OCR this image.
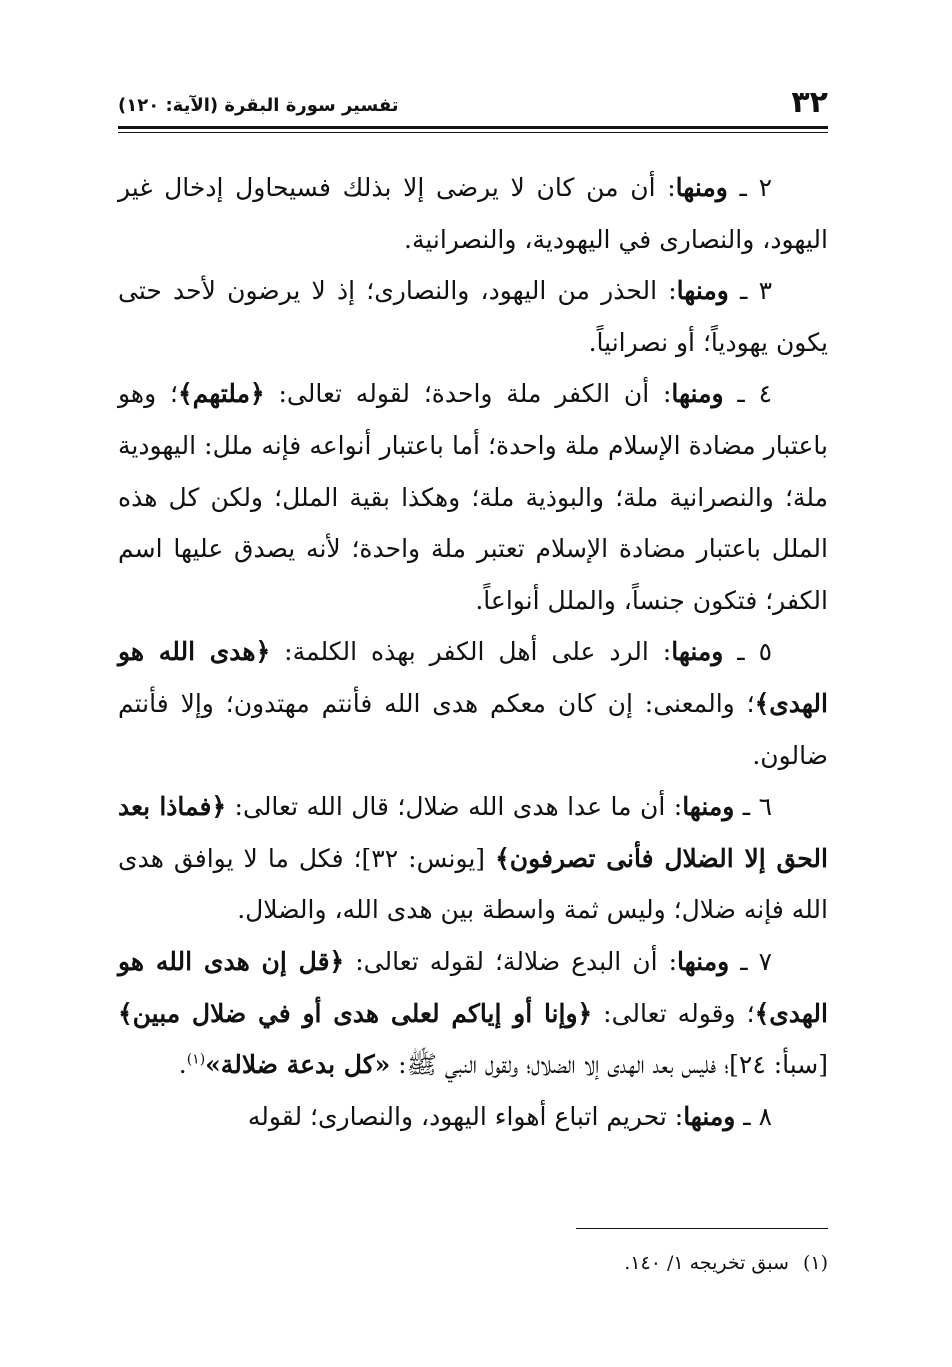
٣٢
تفسير سورة البقرة (الآية: ١٢٠)

٢ ـ ومنها: أن من كان لا يرضى إلا بذلك فسيحاول إدخال غير اليهود، والنصارى في اليهودية، والنصرانية.

٣ ـ ومنها: الحذر من اليهود، والنصارى؛ إذ لا يرضون لأحد حتى يكون يهودياً؛ أو نصرانياً.

٤ ـ ومنها: أن الكفر ملة واحدة؛ لقوله تعالى: ﴿ملتهم﴾؛ وهو باعتبار مضادة الإسلام ملة واحدة؛ أما باعتبار أنواعه فإنه ملل: اليهودية ملة؛ والنصرانية ملة؛ والبوذية ملة؛ وهكذا بقية الملل؛ ولكن كل هذه الملل باعتبار مضادة الإسلام تعتبر ملة واحدة؛ لأنه يصدق عليها اسم الكفر؛ فتكون جنساً، والملل أنواعاً.

٥ ـ ومنها: الرد على أهل الكفر بهذه الكلمة: ﴿هدى الله هو الهدى﴾؛ والمعنى: إن كان معكم هدى الله فأنتم مهتدون؛ وإلا فأنتم ضالون.

٦ ـ ومنها: أن ما عدا هدى الله ضلال؛ قال الله تعالى: ﴿فماذا بعد الحق إلا الضلال فأنى تصرفون﴾ [يونس: ٣٢]؛ فكل ما لا يوافق هدى الله فإنه ضلال؛ وليس ثمة واسطة بين هدى الله، والضلال.

٧ ـ ومنها: أن البدع ضلالة؛ لقوله تعالى: ﴿قل إن هدى الله هو الهدى﴾؛ وقوله تعالى: ﴿وإنا أو إياكم لعلى هدى أو في ضلال مبين﴾ [سبأ: ٢٤]؛ فليس بعد الهدى إلا الضلال؛ ولقول النبي ﷺ: «كل بدعة ضلالة»$^{(١)}$.

٨ ـ ومنها: تحريم اتباع أهواء اليهود، والنصارى؛ لقوله

(١)سبق تخريجه ١/ ١٤٠.
